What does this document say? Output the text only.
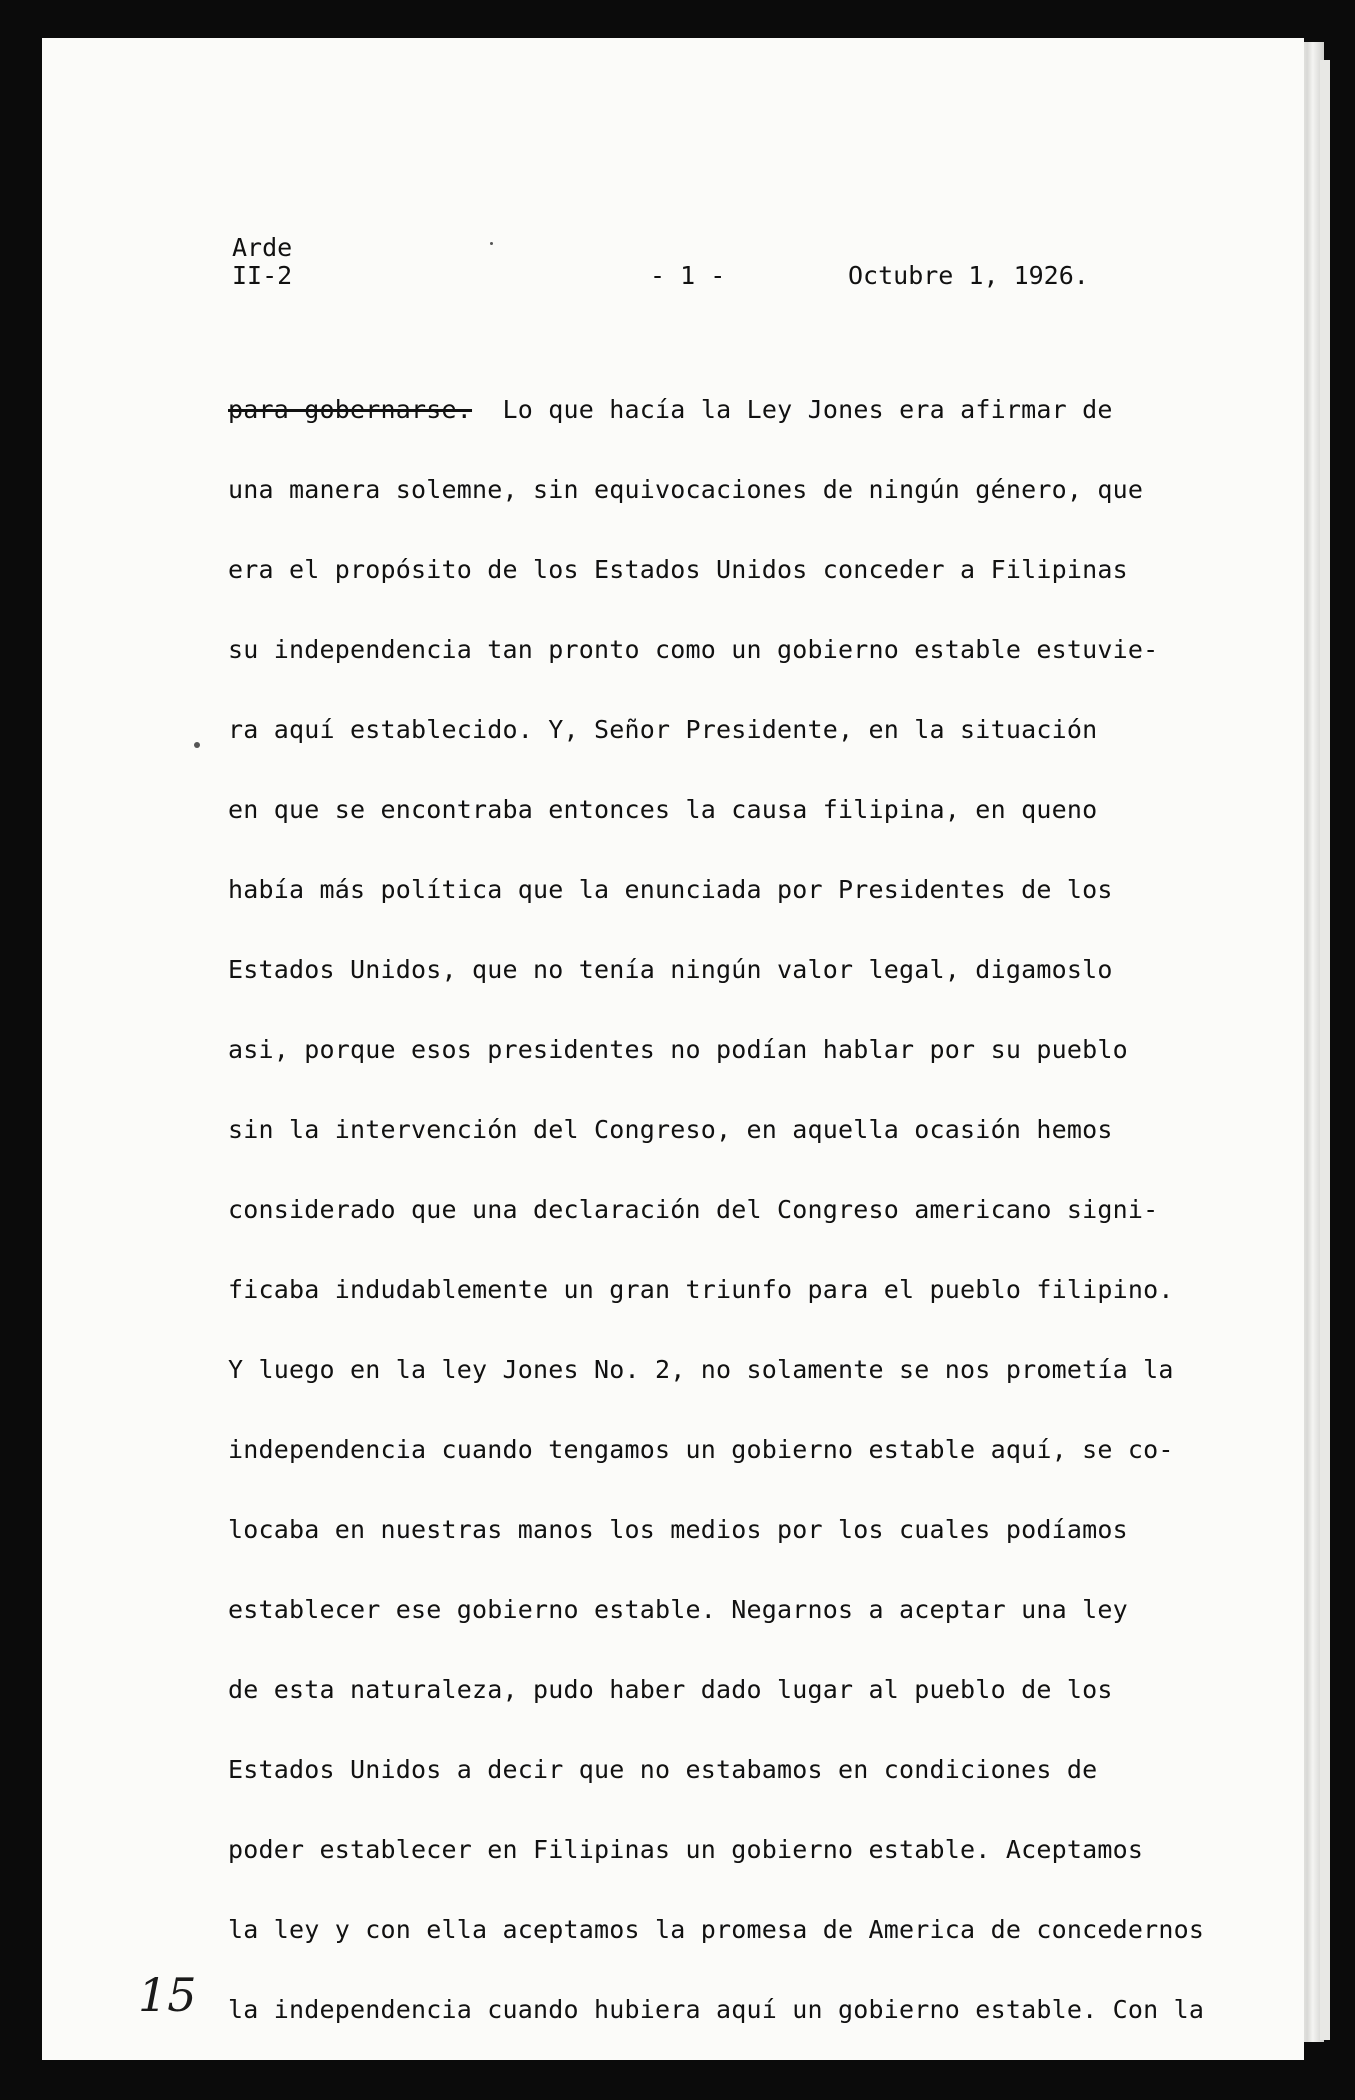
Arde
II-2	- 1 -	Octubre 1, 1926.
para gobernarse. Lo que hacía la Ley Jones era afirmar de
una manera solemne, sin equivocaciones de ningún género, que
era el propósito de los Estados Unidos conceder a Filipinas
su independencia tan pronto como un gobierno estable estuvie-
ra aquí establecido. Y, Señor Presidente, en la situación
en que se encontraba entonces la causa filipina, en queno
había más política que la enunciada por Presidentes de los
Estados Unidos, que no tenía ningún valor legal, digamoslo
asi, porque esos presidentes no podían hablar por su pueblo
sin la intervención del Congreso, en aquella ocasión hemos
considerado que una declaración del Congreso americano signi-
ficaba indudablemente un gran triunfo para el pueblo filipino.
Y luego en la ley Jones No. 2, no solamente se nos prometía la
independencia cuando tengamos un gobierno estable aquí, se co-
locaba en nuestras manos los medios por los cuales podíamos
establecer ese gobierno estable. Negarnos a aceptar una ley
de esta naturaleza, pudo haber dado lugar al pueblo de los
Estados Unidos a decir que no estabamos en condiciones de
poder establecer en Filipinas un gobierno estable. Aceptamos
la ley y con ella aceptamos la promesa de America de concedernos
la independencia cuando hubiera aquí un gobierno estable. Con la
15
